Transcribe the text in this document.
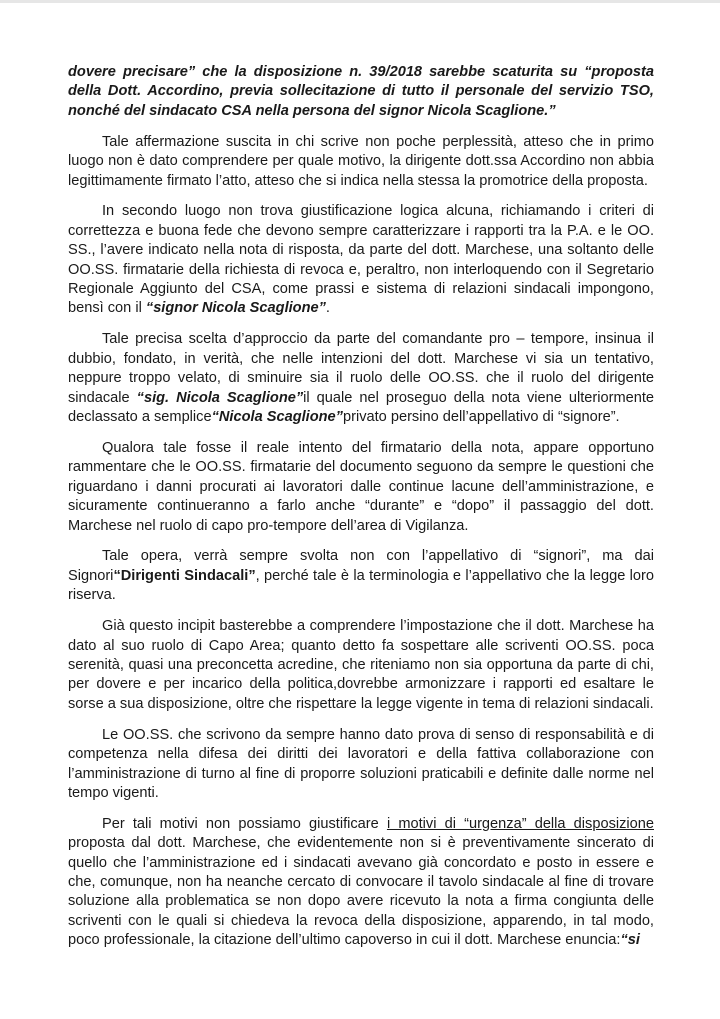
dovere precisare” che la disposizione n. 39/2018 sarebbe scaturita su “proposta della Dott. Accordino, previa sollecitazione di tutto il personale del servizio TSO, nonché del sindacato CSA nella persona del signor Nicola Scaglione.”

Tale affermazione suscita in chi scrive non poche perplessità, atteso che in primo luogo non è dato comprendere per quale motivo, la dirigente dott.ssa Accordino non abbia legittimamente firmato l’atto, atteso che si indica nella stessa la promotrice della proposta.

In secondo luogo non trova giustificazione logica alcuna, richiamando i criteri di correttezza e buona fede che devono sempre caratterizzare i rapporti tra la P.A. e le OO. SS., l’avere indicato nella nota di risposta, da parte del dott. Marchese, una soltanto delle OO.SS. firmatarie della richiesta di revoca e, peraltro, non interloquendo con il Segretario Regionale Aggiunto del CSA, come prassi e sistema di relazioni sindacali impongono, bensì con il “signor Nicola Scaglione”.

Tale precisa scelta d’approccio da parte del comandante pro – tempore, insinua il dubbio, fondato, in verità, che nelle intenzioni del dott. Marchese vi sia un tentativo, neppure troppo velato, di sminuire sia il ruolo delle OO.SS. che il ruolo del dirigente sindacale “sig. Nicola Scaglione”il quale nel proseguo della nota viene ulteriormente declassato a semplice“Nicola Scaglione”privato persino dell’appellativo di “signore”.

Qualora tale fosse il reale intento del firmatario della nota, appare opportuno rammentare che le OO.SS. firmatarie del documento seguono da sempre le questioni che riguardano i danni procurati ai lavoratori dalle continue lacune dell’amministrazione, e sicuramente continueranno a farlo anche “durante” e “dopo” il passaggio del dott. Marchese nel ruolo di capo pro-tempore dell’area di Vigilanza.

Tale opera, verrà sempre svolta non con l’appellativo di “signori”, ma dai Signori“Dirigenti Sindacali”, perché tale è la terminologia e l’appellativo che la legge loro riserva.

Già questo incipit basterebbe a comprendere l’impostazione che il dott. Marchese ha dato al suo ruolo di Capo Area; quanto detto fa sospettare alle scriventi OO.SS. poca serenità, quasi una preconcetta acredine, che riteniamo non sia opportuna da parte di chi, per dovere e per incarico della politica,dovrebbe armonizzare i rapporti ed esaltare le sorse a sua disposizione, oltre che rispettare la legge vigente in tema di relazioni sindacali.

Le OO.SS. che scrivono da sempre hanno dato prova di senso di responsabilità e di competenza nella difesa dei diritti dei lavoratori e della fattiva collaborazione con l’amministrazione di turno al fine di proporre soluzioni praticabili e definite dalle norme nel tempo vigenti.

Per tali motivi non possiamo giustificare i motivi di “urgenza” della disposizione proposta dal dott. Marchese, che evidentemente non si è preventivamente sincerato di quello che l’amministrazione ed i sindacati avevano già concordato e posto in essere e che, comunque, non ha neanche cercato di convocare il tavolo sindacale al fine di trovare soluzione alla problematica se non dopo avere ricevuto la nota a firma congiunta delle scriventi con le quali si chiedeva la revoca della disposizione, apparendo, in tal modo, poco professionale, la citazione dell’ultimo capoverso in cui il dott. Marchese enuncia:“si
